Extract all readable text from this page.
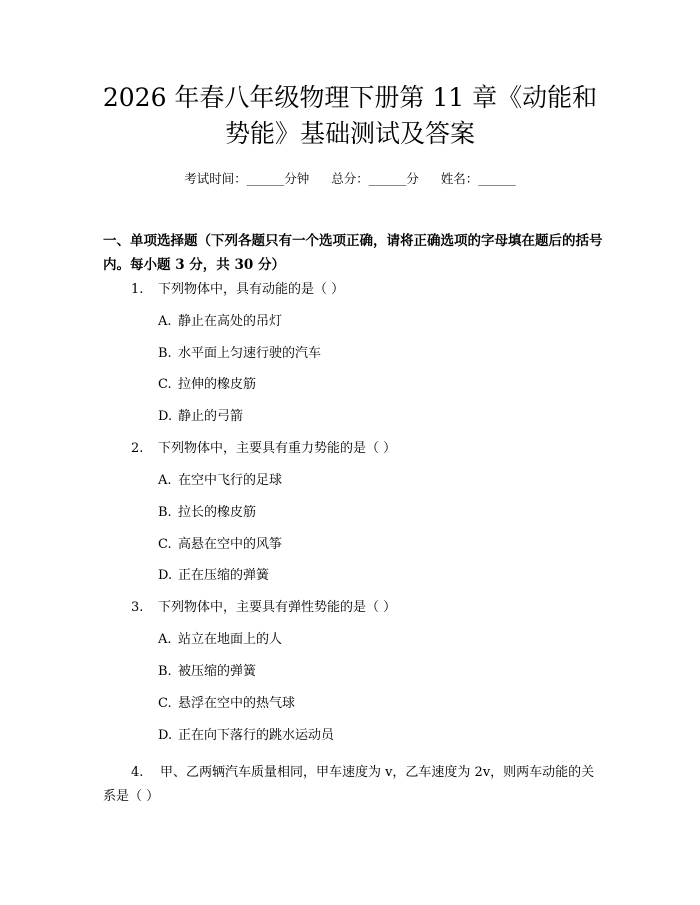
2026 年春八年级物理下册第 11 章《动能和
势能》基础测试及答案
考试时间：______分钟 总分：______分 姓名：______

一、单项选择题（下列各题只有一个选项正确，请将正确选项的字母填在题后的括号内。每小题 3 分，共 30 分）

1. 下列物体中，具有动能的是（ ）
A. 静止在高处的吊灯
B. 水平面上匀速行驶的汽车
C. 拉伸的橡皮筋
D. 静止的弓箭
2. 下列物体中，主要具有重力势能的是（ ）
A. 在空中飞行的足球
B. 拉长的橡皮筋
C. 高悬在空中的风筝
D. 正在压缩的弹簧
3. 下列物体中，主要具有弹性势能的是（ ）
A. 站立在地面上的人
B. 被压缩的弹簧
C. 悬浮在空中的热气球
D. 正在向下落行的跳水运动员

4. 甲、乙两辆汽车质量相同，甲车速度为 v，乙车速度为 2v，则两车动能的关系是（ ）
